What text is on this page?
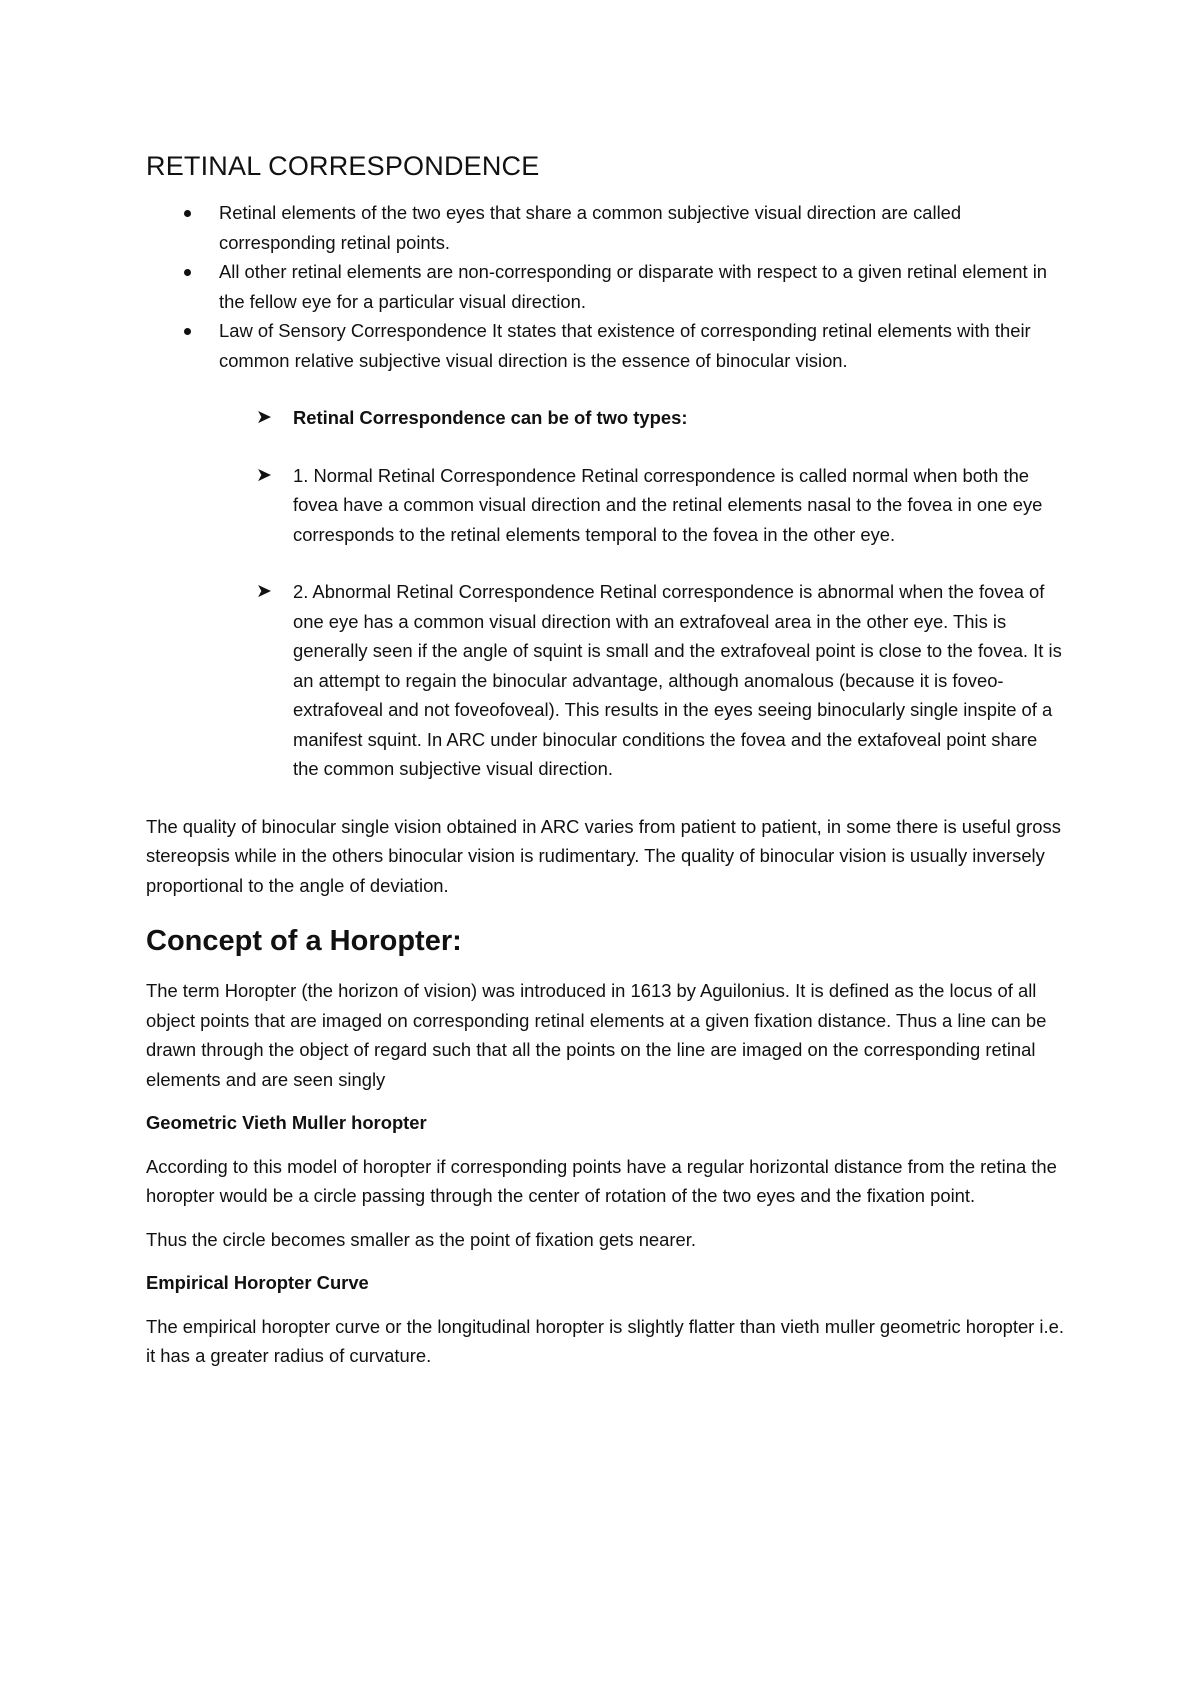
RETINAL CORRESPONDENCE
Retinal elements of the two eyes that share a common subjective visual direction are called corresponding retinal points.
All other retinal elements are non-corresponding or disparate with respect to a given retinal element in the fellow eye for a particular visual direction.
Law of Sensory Correspondence It states that existence of corresponding retinal elements with their common relative subjective visual direction is the essence of binocular vision.
➤ Retinal Correspondence can be of two types:
➤ 1. Normal Retinal Correspondence Retinal correspondence is called normal when both the fovea have a common visual direction and the retinal elements nasal to the fovea in one eye corresponds to the retinal elements temporal to the fovea in the other eye.
➤ 2. Abnormal Retinal Correspondence Retinal correspondence is abnormal when the fovea of one eye has a common visual direction with an extrafoveal area in the other eye. This is generally seen if the angle of squint is small and the extrafoveal point is close to the fovea. It is an attempt to regain the binocular advantage, although anomalous (because it is foveo-extrafoveal and not foveofoveal). This results in the eyes seeing binocularly single inspite of a manifest squint. In ARC under binocular conditions the fovea and the extafoveal point share the common subjective visual direction.

The quality of binocular single vision obtained in ARC varies from patient to patient, in some there is useful gross stereopsis while in the others binocular vision is rudimentary. The quality of binocular vision is usually inversely proportional to the angle of deviation.

Concept of a Horopter:

The term Horopter (the horizon of vision) was introduced in 1613 by Aguilonius. It is defined as the locus of all object points that are imaged on corresponding retinal elements at a given fixation distance. Thus a line can be drawn through the object of regard such that all the points on the line are imaged on the corresponding retinal elements and are seen singly

Geometric Vieth Muller horopter

According to this model of horopter if corresponding points have a regular horizontal distance from the retina the horopter would be a circle passing through the center of rotation of the two eyes and the fixation point.

Thus the circle becomes smaller as the point of fixation gets nearer.

Empirical Horopter Curve

The empirical horopter curve or the longitudinal horopter is slightly flatter than vieth muller geometric horopter i.e. it has a greater radius of curvature.
